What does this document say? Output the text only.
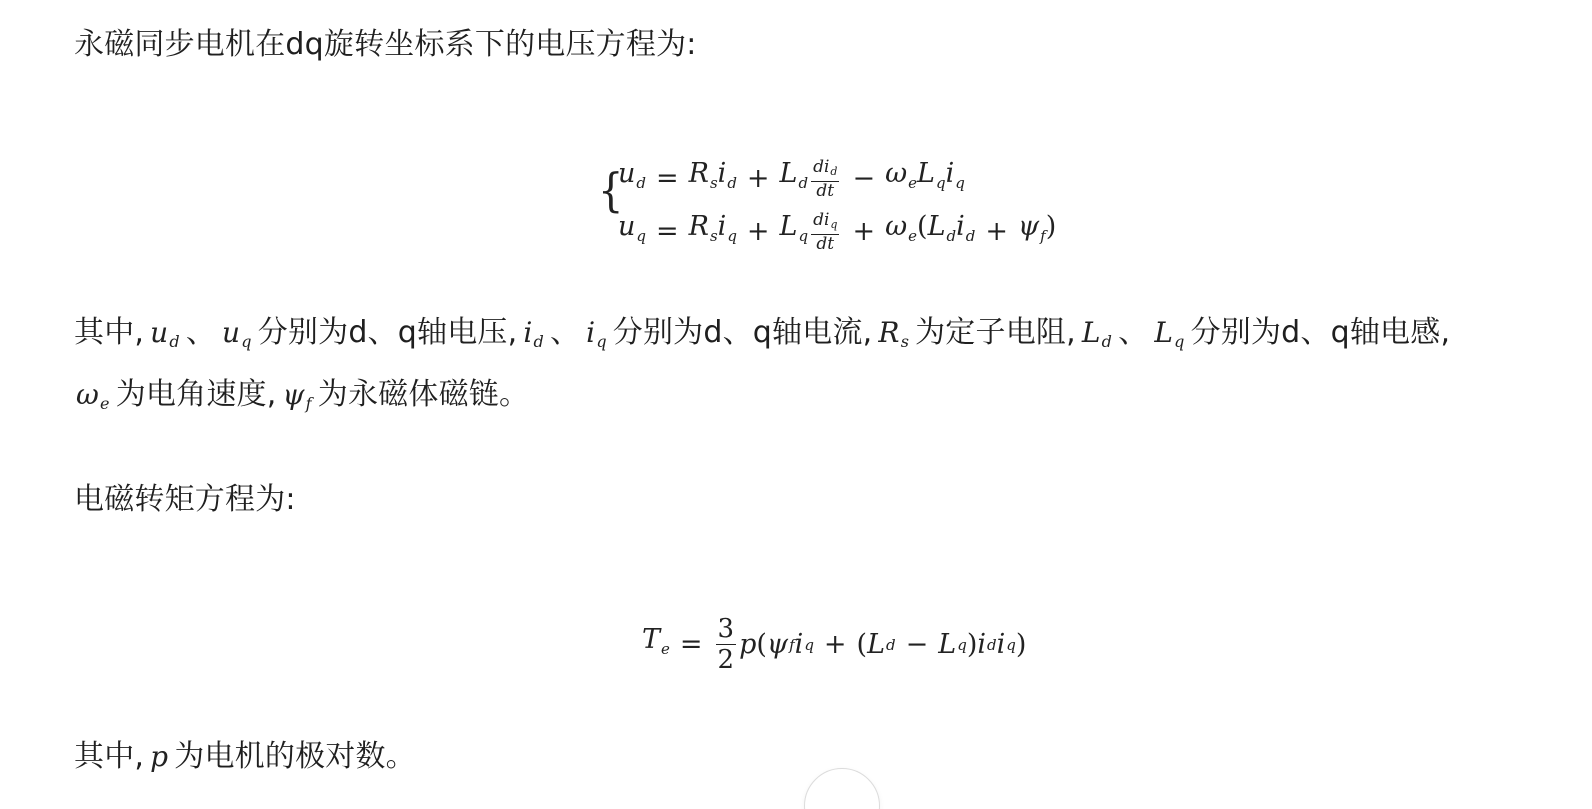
永磁同步电机在dq旋转坐标系下的电压方程为:
{
$u_d = R_si_d + L_d \frac{di_d}{dt} - \omega_eL_qi_q$
$u_q = R_si_q + L_q \frac{di_q}{dt} + \omega_e(L_di_d + \psi_f)$
其中, $u_d$ 、 $u_q$ 分别为d、q轴电压, $i_d$ 、 $i_q$ 分别为d、q轴电流, $R_s$ 为定子电阻, $L_d$ 、 $L_q$ 分别为d、q轴电感,
$\omega_e$ 为电角速度, $\psi_f$ 为永磁体磁链。
电磁转矩方程为:
$T_e = \frac{3}{2}$ p ( ψ f i q + ( L d − L q ) i d i q )
其中, p 为电机的极对数。
